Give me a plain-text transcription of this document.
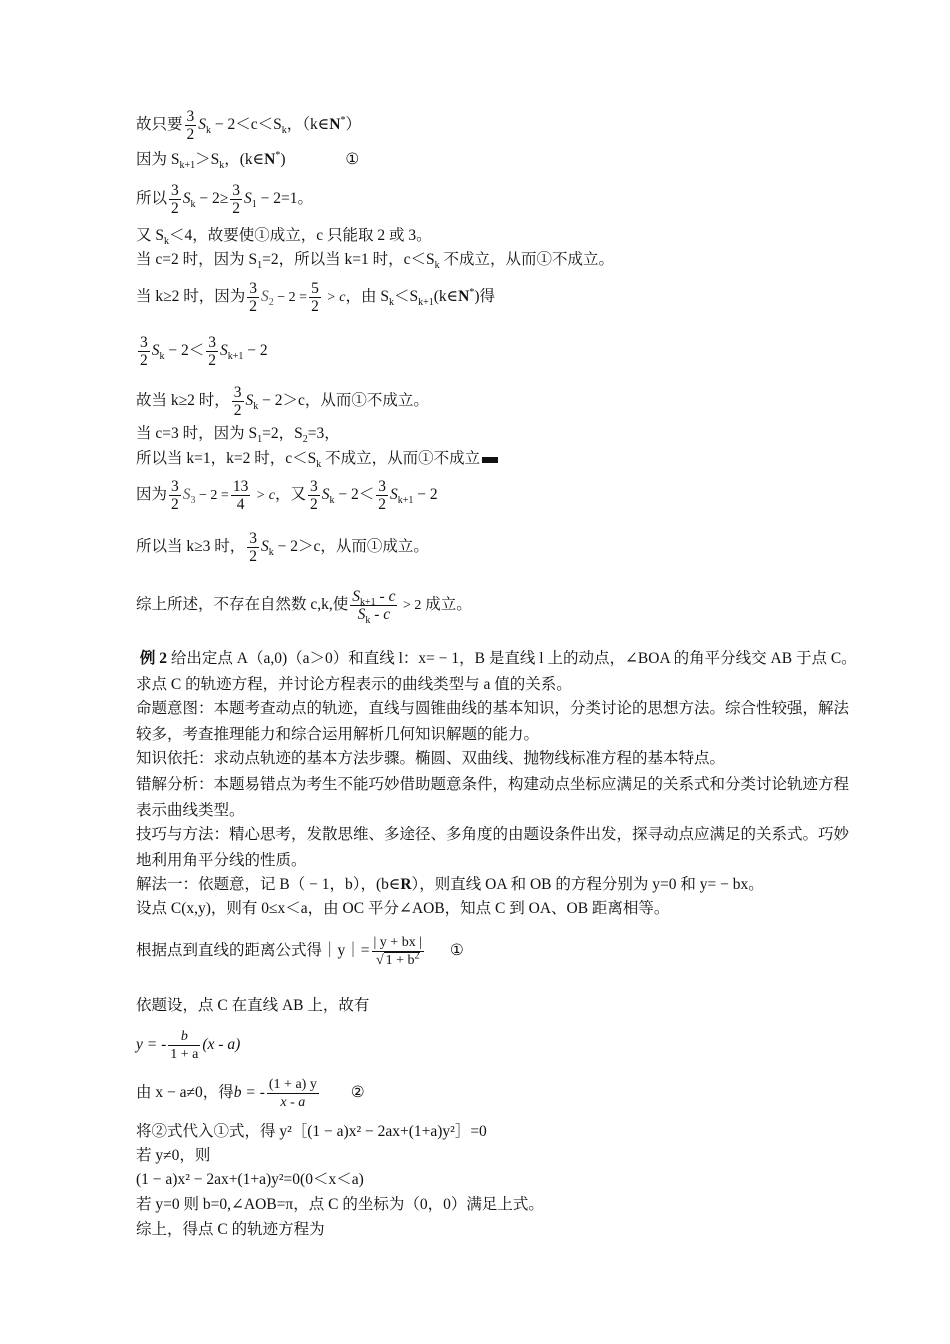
故只要 $\frac{3}{2} S_k - 2<c<S_k$，（k∈N*）
因为 $S_{k+1}>S_k$，(k∈N*)	①
所以 $\frac{3}{2} S_k - 2\ge \frac{3}{2} S_1 - 2=1$。
又 $S_k<4$，故要使①成立，c 只能取 2 或 3。
当 c=2 时，因为 $S_1=2$，所以当 k=1 时，$c<S_k$ 不成立，从而①不成立。
当 k≥2 时，因为 $\frac{3}{2} S_2 - 2 = \frac{5}{2} > c$，由 $S_k<S_{k+1}(k\in N^*)$得
$\frac{3}{2} S_k - 2< \frac{3}{2} S_{k+1} - 2$
故当 k≥2 时， $\frac{3}{2} S_k - 2>c$，从而①不成立。
当 c=3 时，因为 $S_1=2$，$S_2=3$，
所以当 k=1，k=2 时，$c<S_k$ 不成立，从而①不成立
因为 $\frac{3}{2} S_3 - 2 = \frac{13}{4} > c$，又 $\frac{3}{2} S_k - 2< \frac{3}{2} S_{k+1} - 2$
所以当 k≥3 时， $\frac{3}{2} S_k - 2>c$，从而①成立。
综上所述，不存在自然数 c,k,使 $\frac{S_{k+1} - c}{S_k - c} > 2$ 成立。
例 2 给出定点 A（a,0)（a＞0）和直线 l：x= − 1，B 是直线 l 上的动点，∠BOA 的角平分线交 AB 于点 C。求点 C 的轨迹方程，并讨论方程表示的曲线类型与 a 值的关系。
命题意图：本题考查动点的轨迹，直线与圆锥曲线的基本知识，分类讨论的思想方法。综合性较强，解法较多，考查推理能力和综合运用解析几何知识解题的能力。
知识依托：求动点轨迹的基本方法步骤。椭圆、双曲线、抛物线标准方程的基本特点。
错解分析：本题易错点为考生不能巧妙借助题意条件，构建动点坐标应满足的关系式和分类讨论轨迹方程表示曲线类型。
技巧与方法：精心思考，发散思维、多途径、多角度的由题设条件出发，探寻动点应满足的关系式。巧妙地利用角平分线的性质。
解法一：依题意，记 B（ − 1，b），(b∈R），则直线 OA 和 OB 的方程分别为 y=0 和 y= − bx。
设点 C(x,y)，则有 0≤x＜a，由 OC 平分∠AOB，知点 C 到 OA、OB 距离相等。
根据点到直线的距离公式得｜y｜= $\frac{| y + bx |}{√ 1 + b^2}$ ①
依题设，点 C 在直线 AB 上，故有
y = - $\frac{b}{1 + a} (x - a)$
由 x − a≠0，得b = - $\frac{(1 + a) y}{x - a}$ ②
将②式代入①式，得 y²［(1 − a)x² − 2ax+(1+a)y²］=0
若 y≠0，则
(1 − a)x² − 2ax+(1+a)y²=0(0＜x＜a)
若 y=0 则 b=0,∠AOB=π，点 C 的坐标为（0，0）满足上式。
综上，得点 C 的轨迹方程为
